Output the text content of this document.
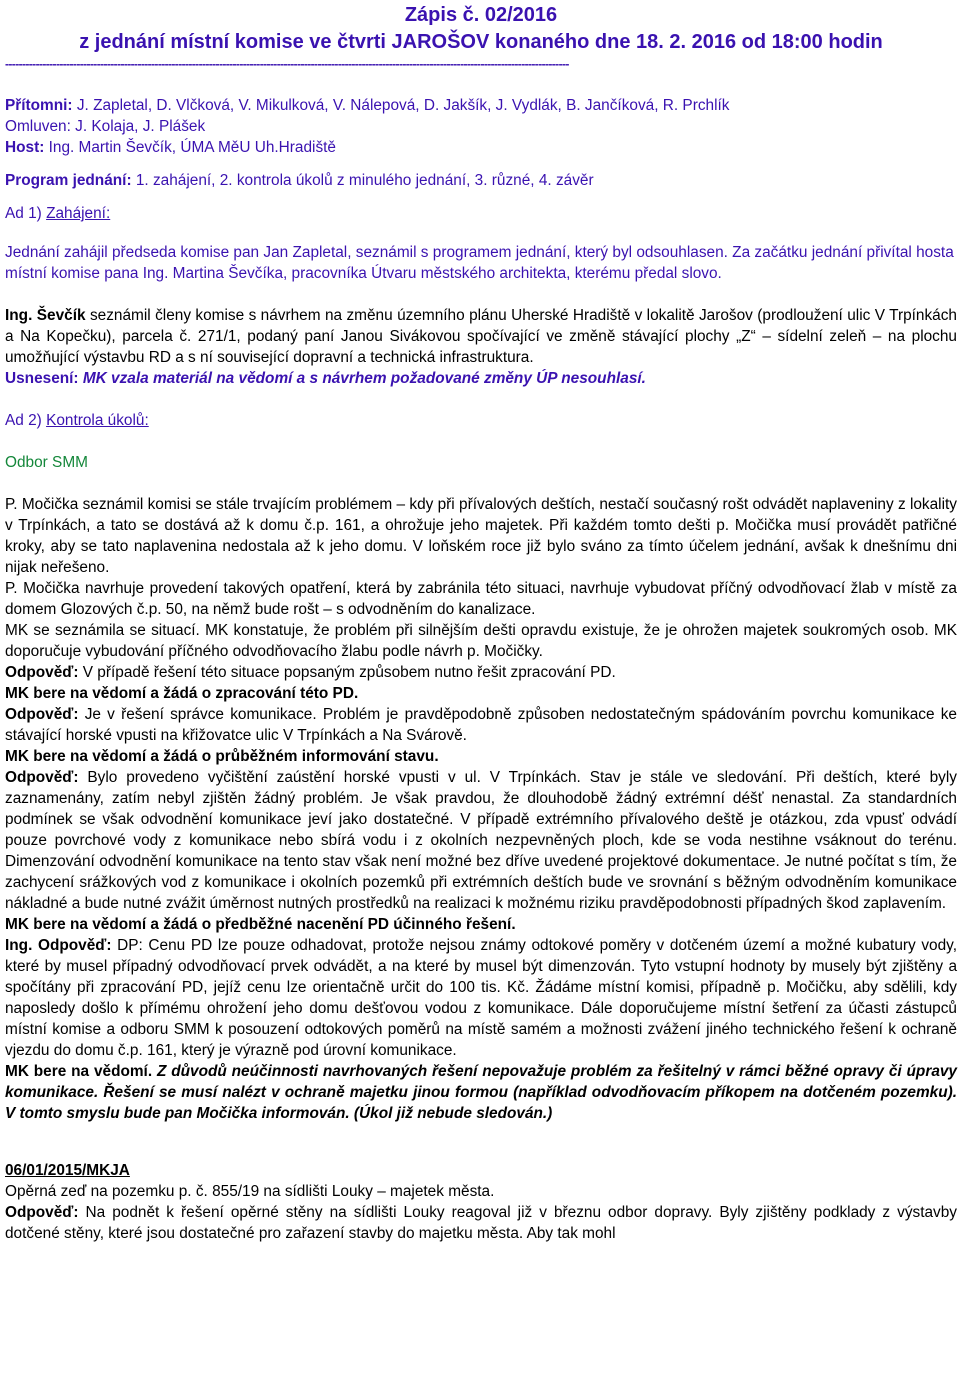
Zápis č. 02/2016

z jednání místní komise ve čtvrti JAROŠOV konaného dne 18. 2. 2016 od 18:00 hodin

----------------------------------------------------------------------------------------------------------------------------------------------------------------------

Přítomni: J. Zapletal, D. Vlčková, V. Mikulková, V. Nálepová, D. Jakšík, J. Vydlák, B. Jančíková, R. Prchlík

Omluven: J. Kolaja, J. Plášek

Host: Ing. Martin Ševčík, ÚMA MěU Uh.Hradiště

Program jednání: 1. zahájení, 2. kontrola úkolů z minulého jednání, 3. různé, 4. závěr

Ad 1) Zahájení:

Jednání zahájil předseda komise pan Jan Zapletal, seznámil s programem jednání, který byl odsouhlasen. Za začátku jednání přivítal hosta místní komise pana Ing. Martina Ševčíka, pracovníka Útvaru městského architekta, kterému předal slovo.

Ing. Ševčík seznámil členy komise s návrhem na změnu územního plánu Uherské Hradiště v lokalitě Jarošov (prodloužení ulic V Trpínkách a Na Kopečku), parcela č. 271/1, podaný paní Janou Sivákovou spočívající ve změně stávající plochy „Z“ – sídelní zeleň – na plochu umožňující výstavbu RD a s ní související dopravní a technická infrastruktura.

Usnesení: MK vzala materiál na vědomí a s návrhem požadované změny ÚP nesouhlasí.

Ad 2) Kontrola úkolů:

Odbor SMM

P. Močička seznámil komisi se stále trvajícím problémem – kdy při přívalových deštích, nestačí současný rošt odvádět naplaveniny z lokality v Trpínkách, a tato se dostává až k domu č.p. 161, a ohrožuje jeho majetek. Při každém tomto dešti p. Močička musí provádět patřičné kroky, aby se tato naplavenina nedostala až k jeho domu. V loňském roce již bylo sváno za tímto účelem jednání, avšak k dnešnímu dni nijak neřešeno.

P. Močička navrhuje provedení takových opatření, která by zabránila této situaci, navrhuje vybudovat příčný odvodňovací žlab v místě za domem Glozových č.p. 50, na němž bude rošt – s odvodněním do kanalizace.

MK se seznámila se situací. MK konstatuje, že problém při silnějším dešti opravdu existuje, že je ohrožen majetek soukromých osob. MK doporučuje vybudování příčného odvodňovacího žlabu podle návrh p. Močičky.

Odpověď: V případě řešení této situace popsaným způsobem nutno řešit zpracování PD.

MK bere na vědomí a žádá o zpracování této PD.

Odpověď: Je v řešení správce komunikace. Problém je pravděpodobně způsoben nedostatečným spádováním povrchu komunikace ke stávající horské vpusti na křižovatce ulic V Trpínkách a Na Svárově.

MK bere na vědomí a žádá o průběžném informování stavu.

Odpověď: Bylo provedeno vyčištění zaústění horské vpusti v ul. V Trpínkách. Stav je stále ve sledování. Při deštích, které byly zaznamenány, zatím nebyl zjištěn žádný problém. Je však pravdou, že dlouhodobě žádný extrémní déšť nenastal. Za standardních podmínek se však odvodnění komunikace jeví jako dostatečné. V případě extrémního přívalového deště je otázkou, zda vpusť odvádí pouze povrchové vody z komunikace nebo sbírá vodu i z okolních nezpevněných ploch, kde se voda nestihne vsáknout do terénu. Dimenzování odvodnění komunikace na tento stav však není možné bez dříve uvedené projektové dokumentace. Je nutné počítat s tím, že zachycení srážkových vod z komunikace i okolních pozemků při extrémních deštích bude ve srovnání s běžným odvodněním komunikace nákladné a bude nutné zvážit úměrnost nutných prostředků na realizaci k možnému riziku pravděpodobnosti případných škod zaplavením.

MK bere na vědomí a žádá o předběžné nacenění PD účinného řešení.

Ing. Odpověď: DP: Cenu PD lze pouze odhadovat, protože nejsou známy odtokové poměry v dotčeném území a možné kubatury vody, které by musel případný odvodňovací prvek odvádět, a na které by musel být dimenzován. Tyto vstupní hodnoty by musely být zjištěny a spočítány při zpracování PD, jejíž cenu lze orientačně určit do 100 tis. Kč. Žádáme místní komisi, případně p. Močičku, aby sdělili, kdy naposledy došlo k přímému ohrožení jeho domu dešťovou vodou z komunikace. Dále doporučujeme místní šetření za účasti zástupců místní komise a odboru SMM k posouzení odtokových poměrů na místě samém a možnosti zvážení jiného technického řešení k ochraně vjezdu do domu č.p. 161, který je výrazně pod úrovní komunikace.

MK bere na vědomí. Z důvodů neúčinnosti navrhovaných řešení nepovažuje problém za řešitelný v rámci běžné opravy či úpravy komunikace. Řešení se musí nalézt v ochraně majetku jinou formou (například odvodňovacím příkopem na dotčeném pozemku). V tomto smyslu bude pan Močička informován. (Úkol již nebude sledován.)

06/01/2015/MKJA

Opěrná zeď na pozemku p. č. 855/19 na sídlišti Louky – majetek města.

Odpověď: Na podnět k řešení opěrné stěny na sídlišti Louky reagoval již v březnu odbor dopravy. Byly zjištěny podklady z výstavby dotčené stěny, které jsou dostatečné pro zařazení stavby do majetku města. Aby tak mohl
